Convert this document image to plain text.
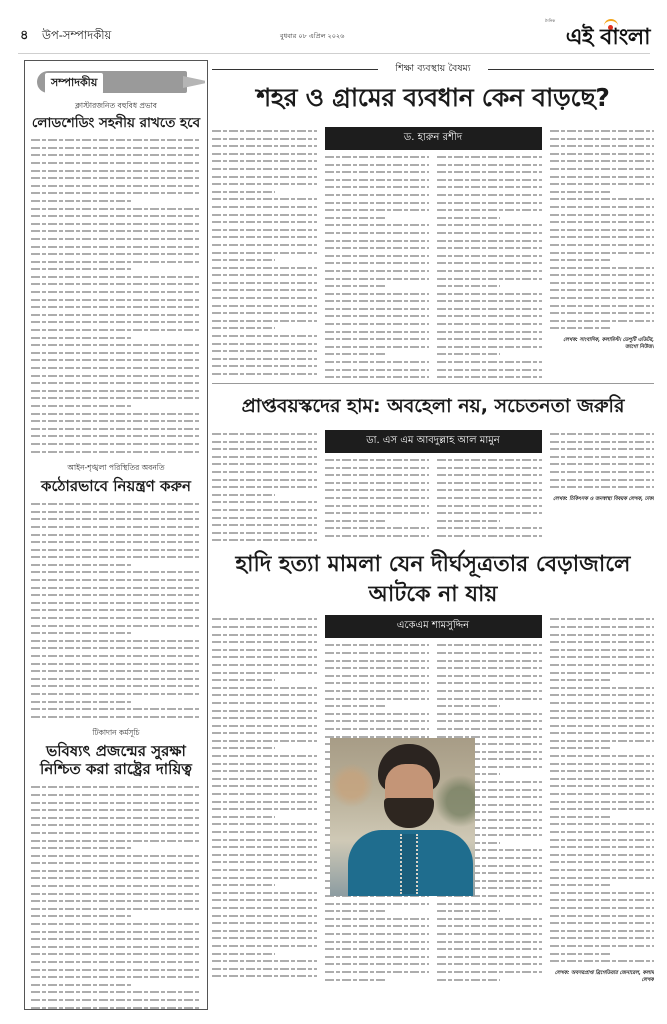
৪ উপ-সম্পাদকীয়	বুধবার ০৮ এপ্রিল ২০২৬
দৈনিক
এই বাংলা
সম্পাদকীয়
ক্লাস্টারজনিত বহুবিধ প্রভাব
লোডশেডিং সহনীয় রাখতে হবে
আইন-শৃঙ্খলা পরিস্থিতির অবনতি
কঠোরভাবে নিয়ন্ত্রণ করুন
টিকাদান কর্মসূচি
ভবিষ্যৎ প্রজন্মের সুরক্ষা নিশ্চিত করা রাষ্ট্রের দায়িত্ব
শিক্ষা ব্যবস্থায় বৈষম্য
শহর ও গ্রামের ব্যবধান কেন বাড়ছে?
ড. হারুন রশীদ
লেখক: সাংবাদিক, কলামিস্ট। ডেপুটি এডিটর, জাগো নিউজ।
প্রাপ্তবয়স্কদের হাম: অবহেলা নয়, সচেতনতা জরুরি
ডা. এস এম আবদুল্লাহ আল মামুন
লেখক: চিকিৎসক ও জনস্বাস্থ্য বিষয়ক লেখক, ঢাকা
হাদি হত্যা মামলা যেন দীর্ঘসূত্রতার বেড়াজালে আটকে না যায়
একেএম শামসুদ্দিন
লেখক: অবসরপ্রাপ্ত ব্রিগেডিয়ার জেনারেল, কলাম লেখক
